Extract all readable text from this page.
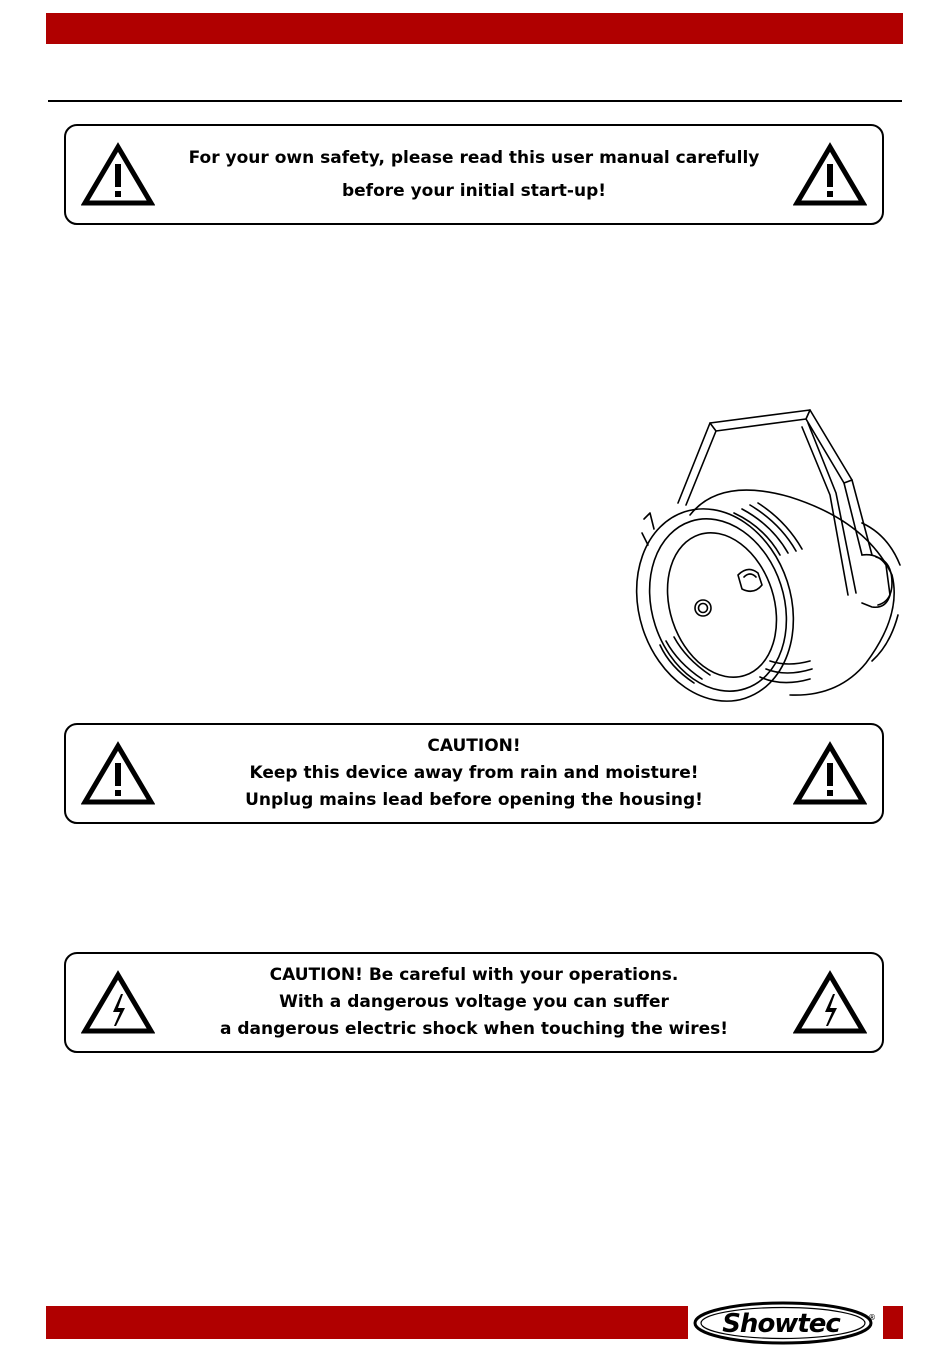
For your own safety, please read this user manual carefully
before your initial start-up!
CAUTION!
Keep this device away from rain and moisture!
Unplug mains lead before opening the housing!
CAUTION! Be careful with your operations.
With a dangerous voltage you can suffer
a dangerous electric shock when touching the wires!
Showtec	®
